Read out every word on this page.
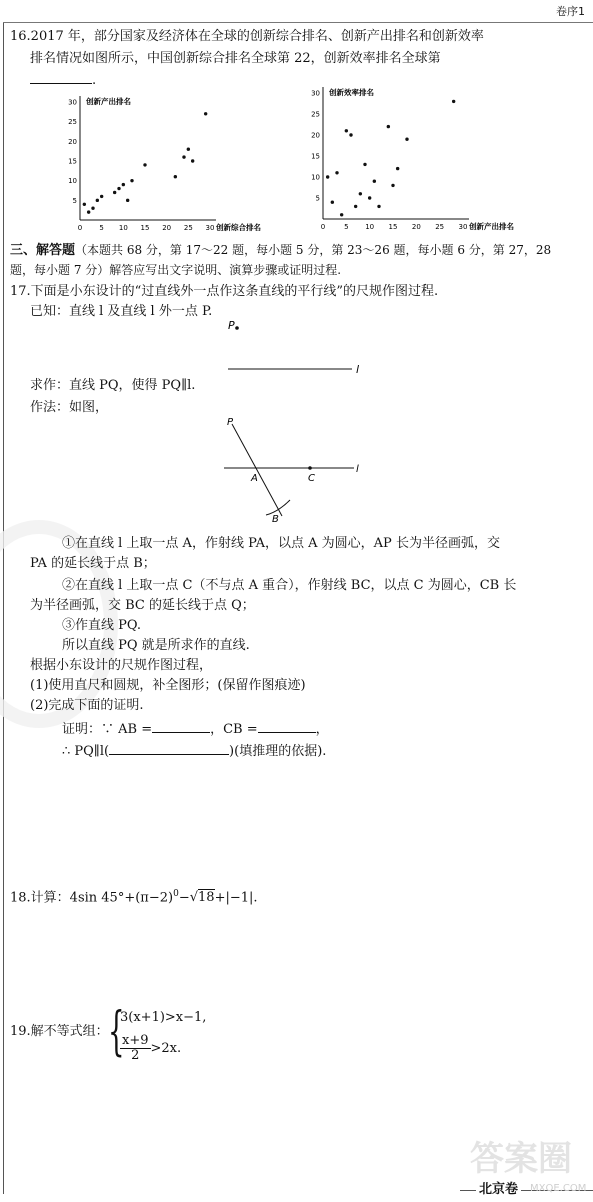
卷序1
16.2017 年，部分国家及经济体在全球的创新综合排名、创新产出排名和创新效率
排名情况如图所示，中国创新综合排名全球第 22，创新效率排名全球第
.
0 5 10 15 20 25 30
5
10
15
20
25
30 创新产出排名
创新综合排名	0	5 10 15 20 25 30
5
10
15
20
25
30 创新效率排名
创新产出排名
三、解答题（本题共 68 分，第 17～22 题，每小题 5 分，第 23～26 题，每小题 6 分，第 27，28
题，每小题 7 分）解答应写出文字说明、演算步骤或证明过程.
17.下面是小东设计的“过直线外一点作这条直线的平行线”的尺规作图过程.
已知：直线 l 及直线 l 外一点 P.
P
l
求作：直线 PQ，使得 PQ∥l.
作法：如图，
P
A	C
B
l
①在直线 l 上取一点 A，作射线 PA，以点 A 为圆心，AP 长为半径画弧，交
PA 的延长线于点 B；
②在直线 l 上取一点 C（不与点 A 重合），作射线 BC，以点 C 为圆心，CB 长
为半径画弧，交 BC 的延长线于点 Q；
③作直线 PQ.
所以直线 PQ 就是所求作的直线.
根据小东设计的尺规作图过程，
(1)使用直尺和圆规，补全图形；(保留作图痕迹)
(2)完成下面的证明.
证明：∵ AB =	，CB =	，
∴ PQ∥l(	)(填推理的依据).
18.计算：4sin $45^\circ+(\pi-2)^0-√18+|-1|$.
19.解不等式组： {
3(x+1)>x−1,
$\frac{x+9}{2} >2x$.
北京卷
答案圈
MXQE.COM
